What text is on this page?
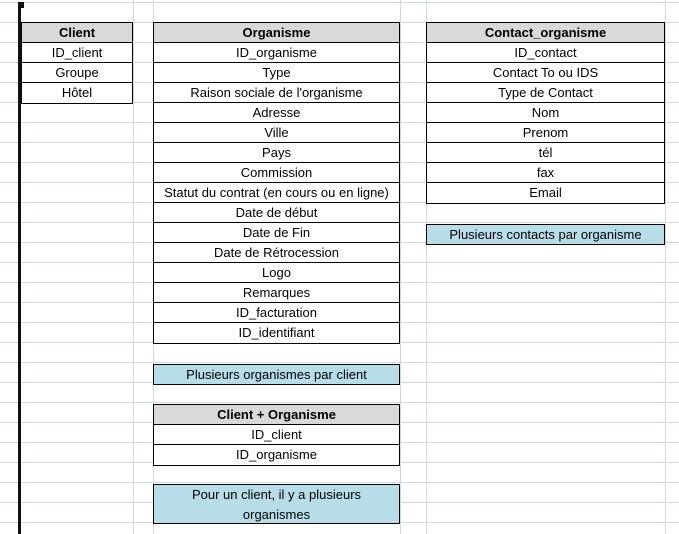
Client
ID_client
Groupe
Hôtel
Organisme
ID_organisme
Type
Raison sociale de l'organisme
Adresse
Ville
Pays
Commission
Statut du contrat (en cours ou en ligne)
Date de début
Date de Fin
Date de Rétrocession
Logo
Remarques
ID_facturation
ID_identifiant
Contact_organisme
ID_contact
Contact To ou IDS
Type de Contact
Nom
Prenom
tél
fax
Email
Plusieurs contacts par organisme
Plusieurs organismes par client
Client + Organisme
ID_client
ID_organisme
Pour un client, il y a plusieurs organismes
